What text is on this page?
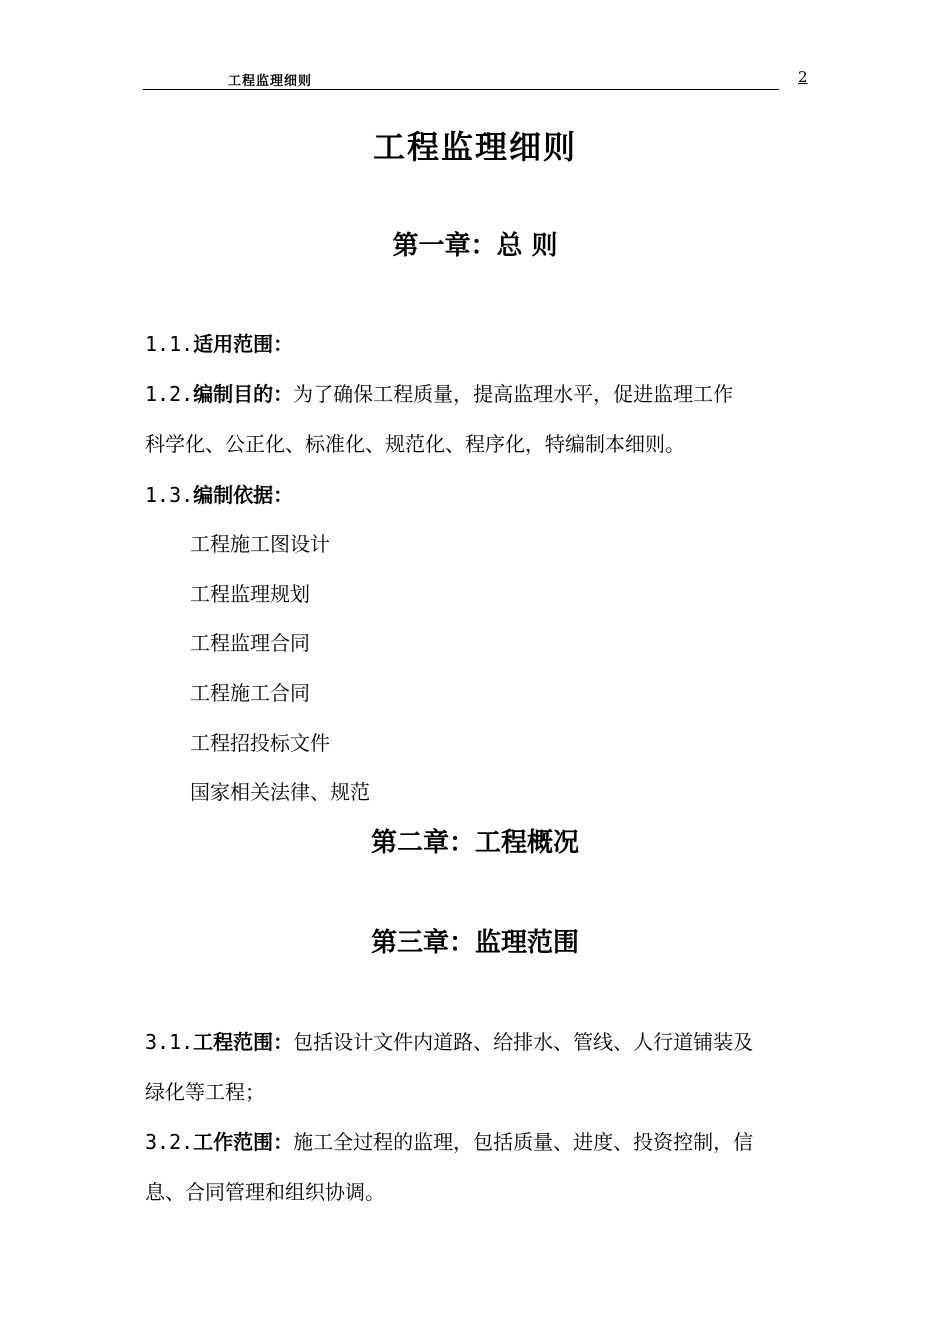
工程监理细则	2
工程监理细则
第一章：总 则
1.1.适用范围：
1.2.编制目的：为了确保工程质量，提高监理水平，促进监理工作
科学化、公正化、标准化、规范化、程序化，特编制本细则。
1.3.编制依据：
工程施工图设计
工程监理规划
工程监理合同
工程施工合同
工程招投标文件
国家相关法律、规范
第二章：工程概况
第三章：监理范围
3.1.工程范围：包括设计文件内道路、给排水、管线、人行道铺装及
绿化等工程；
3.2.工作范围：施工全过程的监理，包括质量、进度、投资控制，信
息、合同管理和组织协调。
